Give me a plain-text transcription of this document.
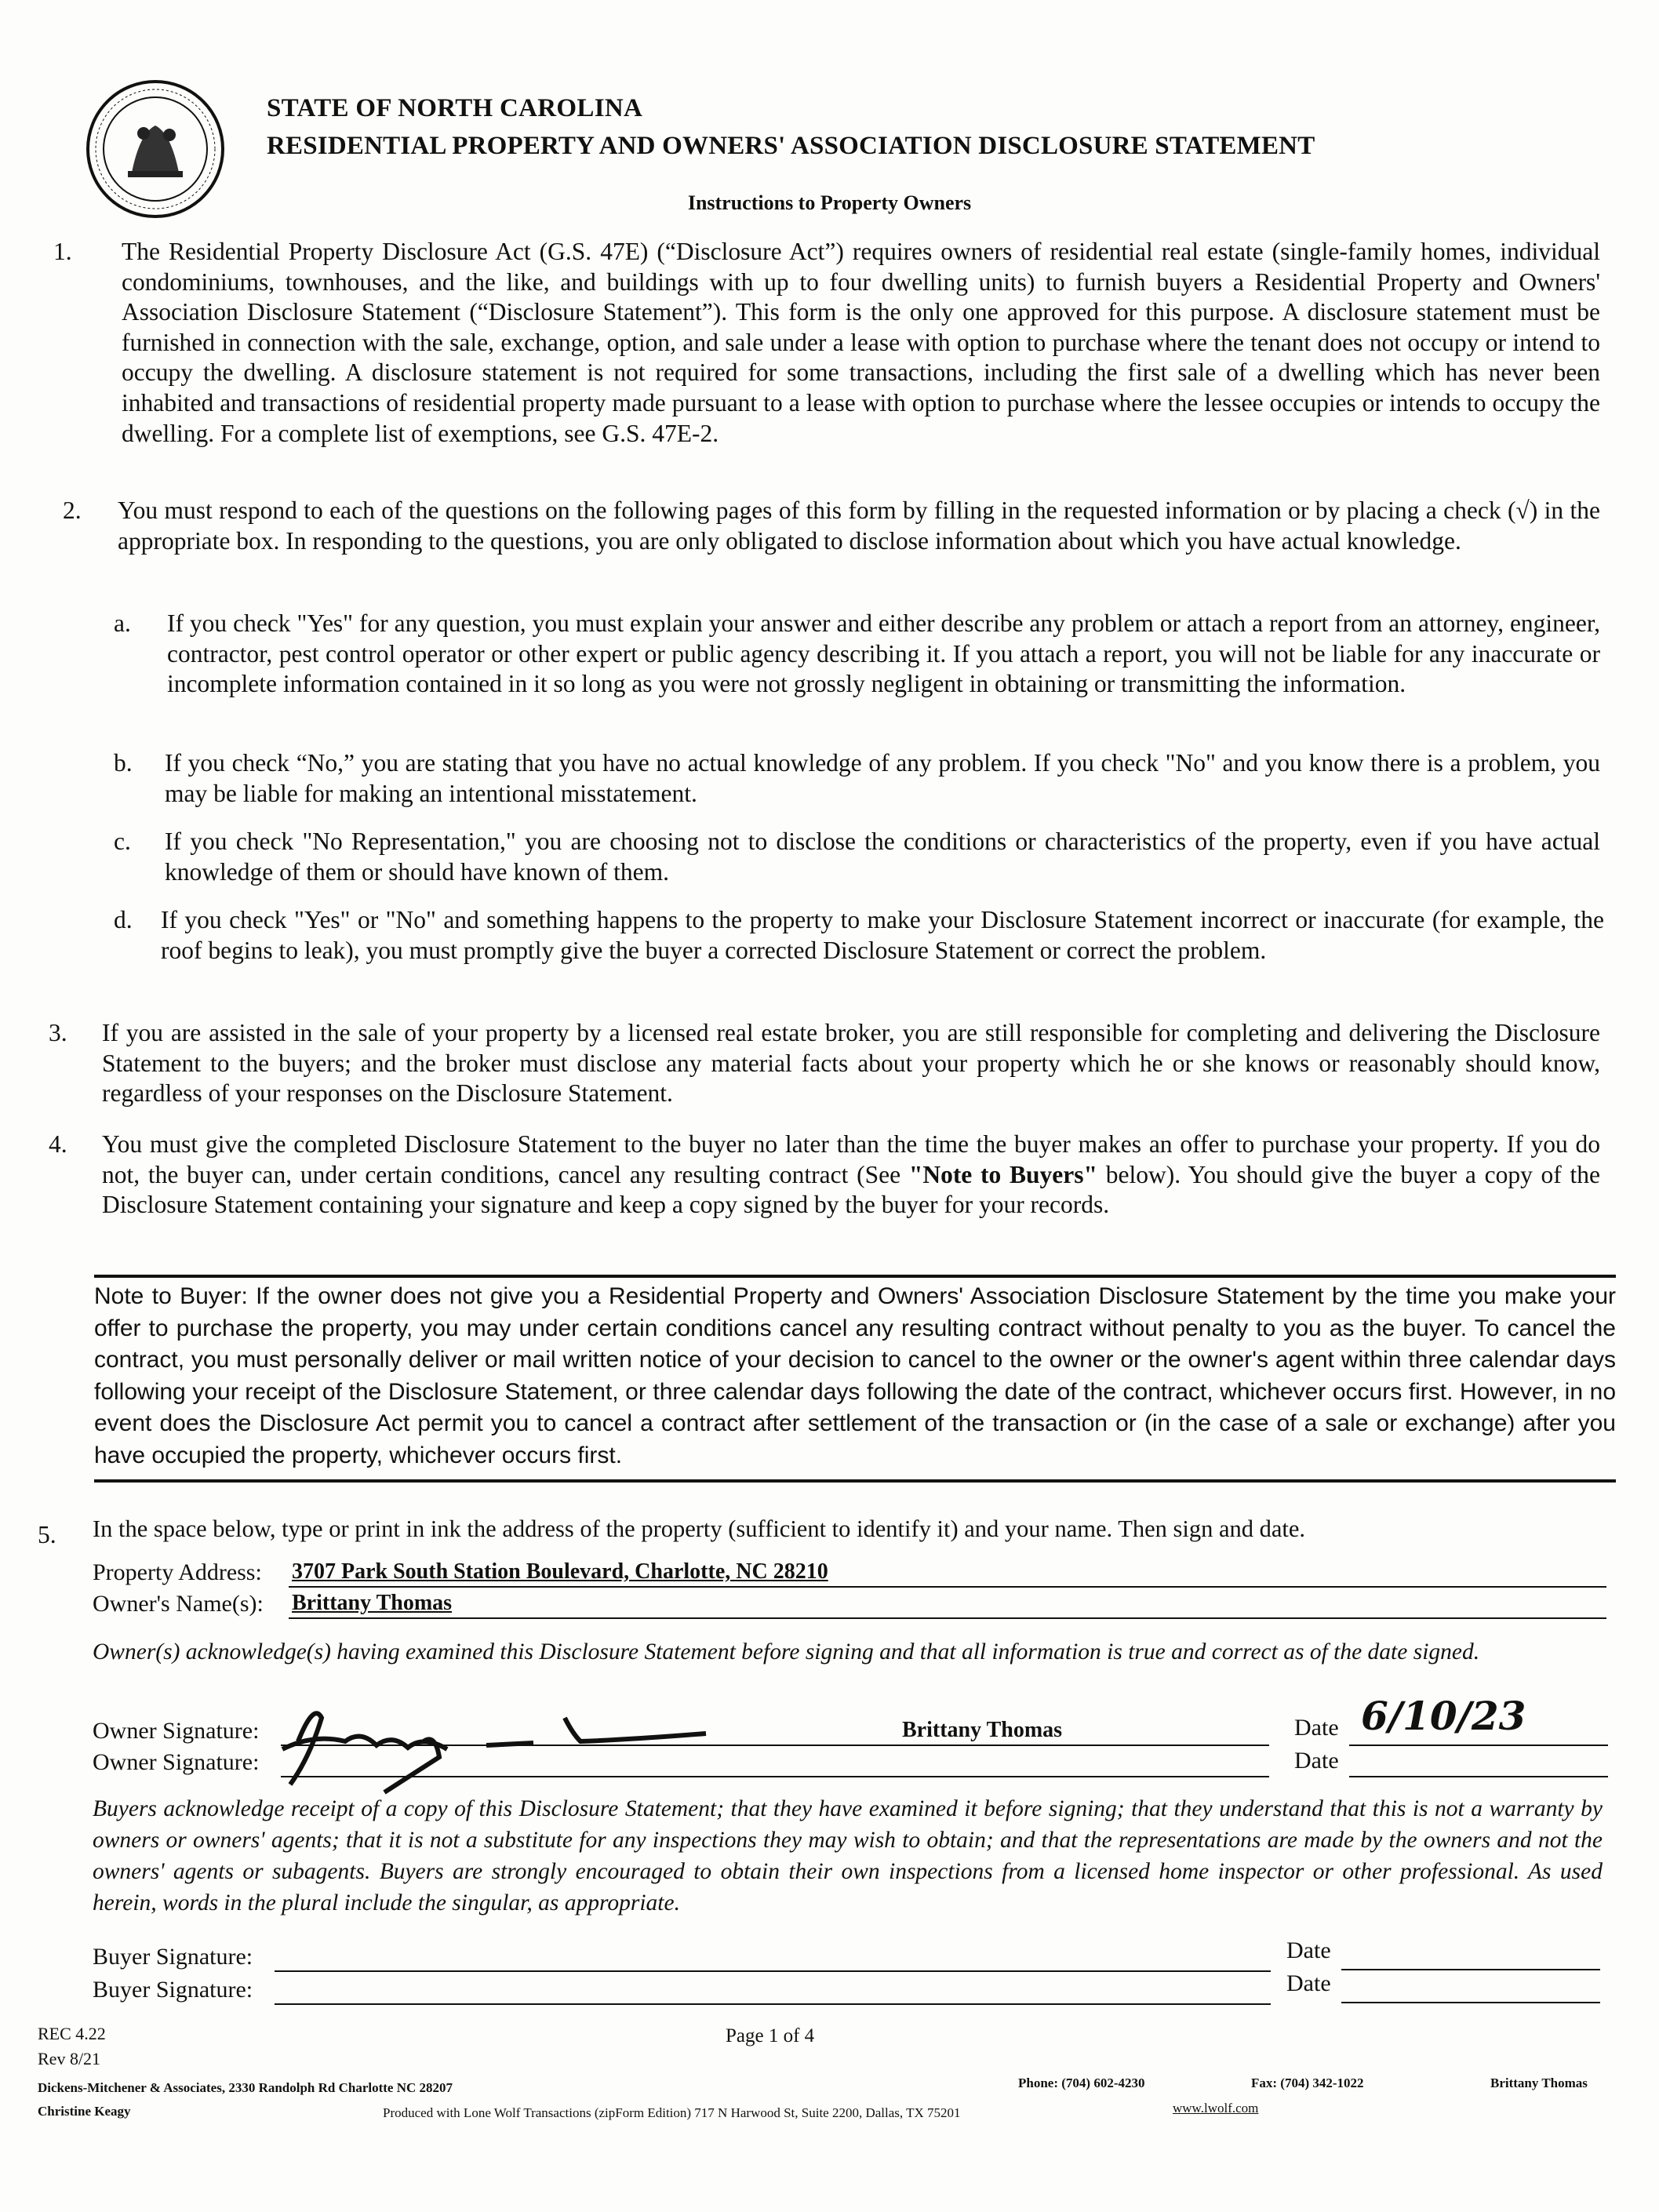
STATE OF NORTH CAROLINA
RESIDENTIAL PROPERTY AND OWNERS' ASSOCIATION DISCLOSURE STATEMENT
Instructions to Property Owners
1. The Residential Property Disclosure Act (G.S. 47E) (“Disclosure Act”) requires owners of residential real estate (single-family homes, individual condominiums, townhouses, and the like, and buildings with up to four dwelling units) to furnish buyers a Residential Property and Owners' Association Disclosure Statement (“Disclosure Statement”). This form is the only one approved for this purpose. A disclosure statement must be furnished in connection with the sale, exchange, option, and sale under a lease with option to purchase where the tenant does not occupy or intend to occupy the dwelling. A disclosure statement is not required for some transactions, including the first sale of a dwelling which has never been inhabited and transactions of residential property made pursuant to a lease with option to purchase where the lessee occupies or intends to occupy the dwelling. For a complete list of exemptions, see G.S. 47E-2.
2. You must respond to each of the questions on the following pages of this form by filling in the requested information or by placing a check (√) in the appropriate box. In responding to the questions, you are only obligated to disclose information about which you have actual knowledge.
a. If you check "Yes" for any question, you must explain your answer and either describe any problem or attach a report from an attorney, engineer, contractor, pest control operator or other expert or public agency describing it. If you attach a report, you will not be liable for any inaccurate or incomplete information contained in it so long as you were not grossly negligent in obtaining or transmitting the information.
b. If you check “No,” you are stating that you have no actual knowledge of any problem. If you check "No" and you know there is a problem, you may be liable for making an intentional misstatement.
c. If you check "No Representation," you are choosing not to disclose the conditions or characteristics of the property, even if you have actual knowledge of them or should have known of them.
d. If you check "Yes" or "No" and something happens to the property to make your Disclosure Statement incorrect or inaccurate (for example, the roof begins to leak), you must promptly give the buyer a corrected Disclosure Statement or correct the problem.
3. If you are assisted in the sale of your property by a licensed real estate broker, you are still responsible for completing and delivering the Disclosure Statement to the buyers; and the broker must disclose any material facts about your property which he or she knows or reasonably should know, regardless of your responses on the Disclosure Statement.
4. You must give the completed Disclosure Statement to the buyer no later than the time the buyer makes an offer to purchase your property. If you do not, the buyer can, under certain conditions, cancel any resulting contract (See "Note to Buyers" below). You should give the buyer a copy of the Disclosure Statement containing your signature and keep a copy signed by the buyer for your records.
Note to Buyer: If the owner does not give you a Residential Property and Owners' Association Disclosure Statement by the time you make your offer to purchase the property, you may under certain conditions cancel any resulting contract without penalty to you as the buyer. To cancel the contract, you must personally deliver or mail written notice of your decision to cancel to the owner or the owner's agent within three calendar days following your receipt of the Disclosure Statement, or three calendar days following the date of the contract, whichever occurs first. However, in no event does the Disclosure Act permit you to cancel a contract after settlement of the transaction or (in the case of a sale or exchange) after you have occupied the property, whichever occurs first.
5. In the space below, type or print in ink the address of the property (sufficient to identify it) and your name. Then sign and date.
Property Address: 3707 Park South Station Boulevard, Charlotte, NC 28210
Owner's Name(s): Brittany Thomas
Owner(s) acknowledge(s) having examined this Disclosure Statement before signing and that all information is true and correct as of the date signed.
Owner Signature:	Brittany Thomas	Date 6/10/23
Owner Signature:	Date
Buyers acknowledge receipt of a copy of this Disclosure Statement; that they have examined it before signing; that they understand that this is not a warranty by owners or owners' agents; that it is not a substitute for any inspections they may wish to obtain; and that the representations are made by the owners and not the owners' agents or subagents. Buyers are strongly encouraged to obtain their own inspections from a licensed home inspector or other professional. As used herein, words in the plural include the singular, as appropriate.
Buyer Signature:	Date
Buyer Signature:	Date
REC 4.22
Rev 8/21
Page 1 of 4
Dickens-Mitchener & Associates, 2330 Randolph Rd Charlotte NC 28207
Christine Keagy
Phone: (704) 602-4230	Fax: (704) 342-1022	Brittany Thomas
Produced with Lone Wolf Transactions (zipForm Edition) 717 N Harwood St, Suite 2200, Dallas, TX 75201	www.lwolf.com
